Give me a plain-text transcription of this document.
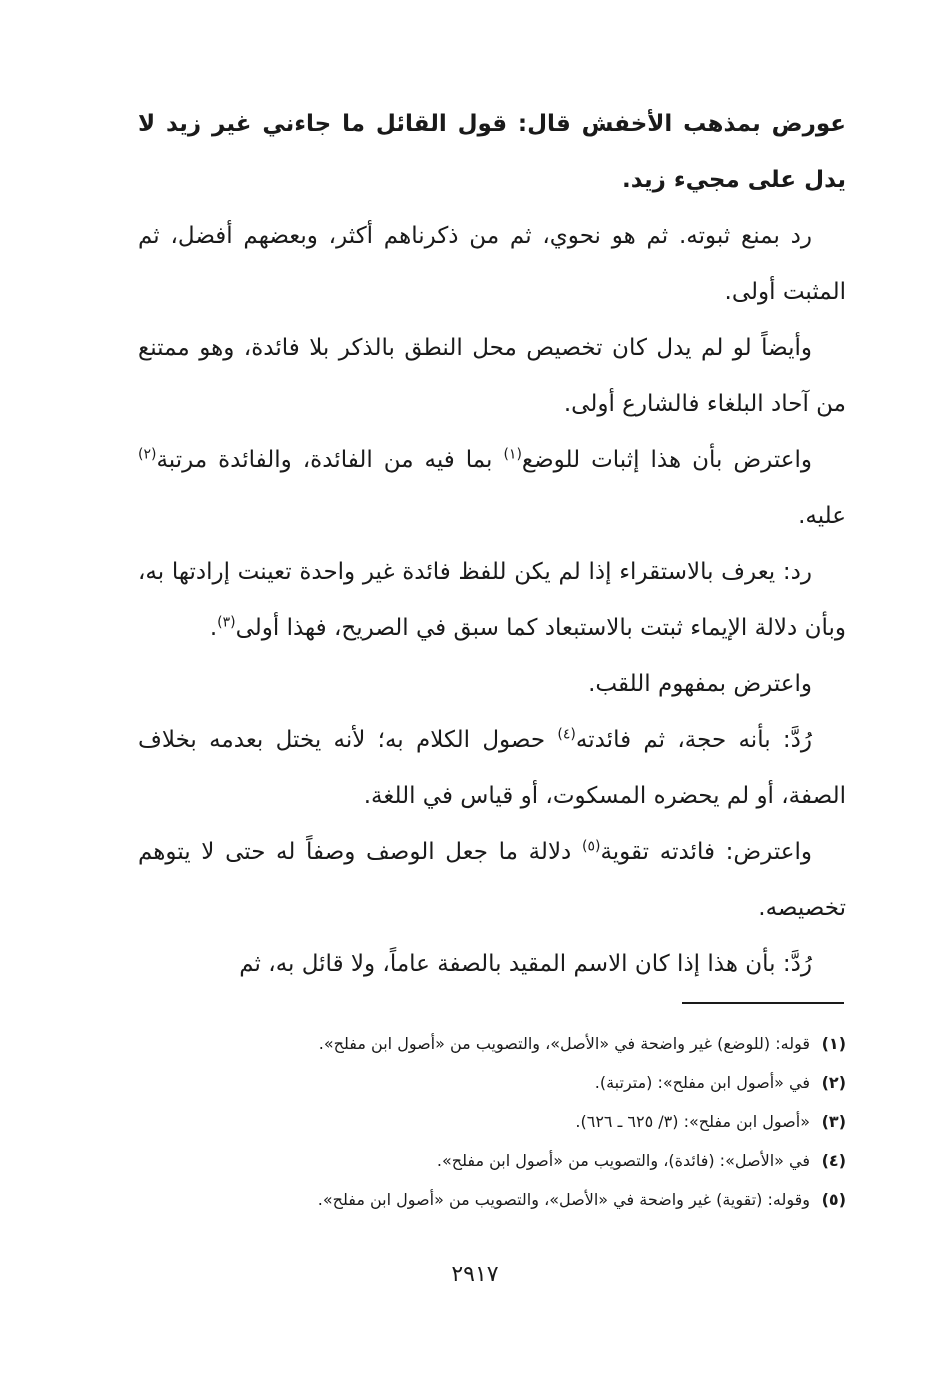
عورض بمذهب الأخفش قال: قول القائل ما جاءني غير زيد لا يدل على مجيء زيد.

رد بمنع ثبوته. ثم هو نحوي، ثم من ذكرناهم أكثر، وبعضهم أفضل، ثم المثبت أولى.

وأيضاً لو لم يدل كان تخصيص محل النطق بالذكر بلا فائدة، وهو ممتنع من آحاد البلغاء فالشارع أولى.

واعترض بأن هذا إثبات للوضع$^{(١)}$ بما فيه من الفائدة، والفائدة مرتبة$^{(٢)}$ عليه.

رد: يعرف بالاستقراء إذا لم يكن للفظ فائدة غير واحدة تعينت إرادتها به، وبأن دلالة الإيماء ثبتت بالاستبعاد كما سبق في الصريح، فهذا أولى$^{(٣)}$.

واعترض بمفهوم اللقب.

رُدَّ: بأنه حجة، ثم فائدته$^{(٤)}$ حصول الكلام به؛ لأنه يختل بعدمه بخلاف الصفة، أو لم يحضره المسكوت، أو قياس في اللغة.

واعترض: فائدته تقوية$^{(٥)}$ دلالة ما جعل الوصف وصفاً له حتى لا يتوهم تخصيصه.

رُدَّ: بأن هذا إذا كان الاسم المقيد بالصفة عاماً، ولا قائل به، ثم

(١)قوله: (للوضع) غير واضحة في «الأصل»، والتصويب من «أصول ابن مفلح».

(٢)في «أصول ابن مفلح»: (مترتبة).

(٣)«أصول ابن مفلح»: (٣/ ٦٢٥ ـ ٦٢٦).

(٤)في «الأصل»: (فائدة)، والتصويب من «أصول ابن مفلح».

(٥)وقوله: (تقوية) غير واضحة في «الأصل»، والتصويب من «أصول ابن مفلح».

٢٩١٧
